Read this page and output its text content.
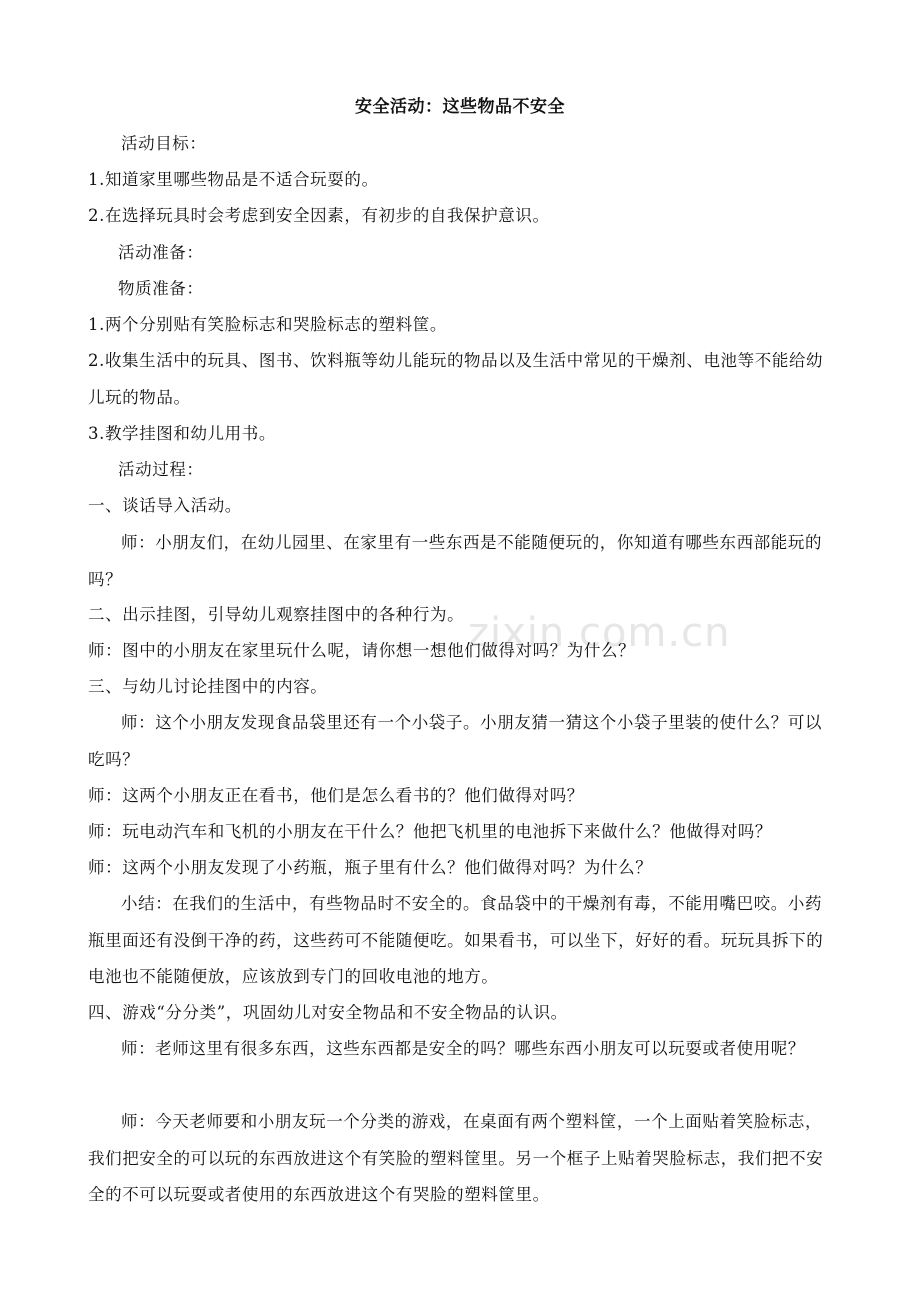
zixin.com.cn
安全活动：这些物品不安全
活动目标：
1.知道家里哪些物品是不适合玩耍的。
2.在选择玩具时会考虑到安全因素，有初步的自我保护意识。
活动准备：
物质准备：
1.两个分别贴有笑脸标志和哭脸标志的塑料筐。
2.收集生活中的玩具、图书、饮料瓶等幼儿能玩的物品以及生活中常见的干燥剂、电池等不能给幼儿玩的物品。
3.教学挂图和幼儿用书。
活动过程：
一、谈话导入活动。
师：小朋友们，在幼儿园里、在家里有一些东西是不能随便玩的，你知道有哪些东西部能玩的吗？
二、出示挂图，引导幼儿观察挂图中的各种行为。
师：图中的小朋友在家里玩什么呢，请你想一想他们做得对吗？为什么？
三、与幼儿讨论挂图中的内容。
师：这个小朋友发现食品袋里还有一个小袋子。小朋友猜一猜这个小袋子里装的使什么？可以吃吗？
师：这两个小朋友正在看书，他们是怎么看书的？他们做得对吗？
师：玩电动汽车和飞机的小朋友在干什么？他把飞机里的电池拆下来做什么？他做得对吗？
师：这两个小朋友发现了小药瓶，瓶子里有什么？他们做得对吗？为什么？
小结：在我们的生活中，有些物品时不安全的。食品袋中的干燥剂有毒，不能用嘴巴咬。小药瓶里面还有没倒干净的药，这些药可不能随便吃。如果看书，可以坐下，好好的看。玩玩具拆下的电池也不能随便放，应该放到专门的回收电池的地方。
四、游戏“分分类”，巩固幼儿对安全物品和不安全物品的认识。
师：老师这里有很多东西，这些东西都是安全的吗？哪些东西小朋友可以玩耍或者使用呢？
师：今天老师要和小朋友玩一个分类的游戏，在桌面有两个塑料筐，一个上面贴着笑脸标志，我们把安全的可以玩的东西放进这个有笑脸的塑料筐里。另一个框子上贴着哭脸标志，我们把不安全的不可以玩耍或者使用的东西放进这个有哭脸的塑料筐里。
